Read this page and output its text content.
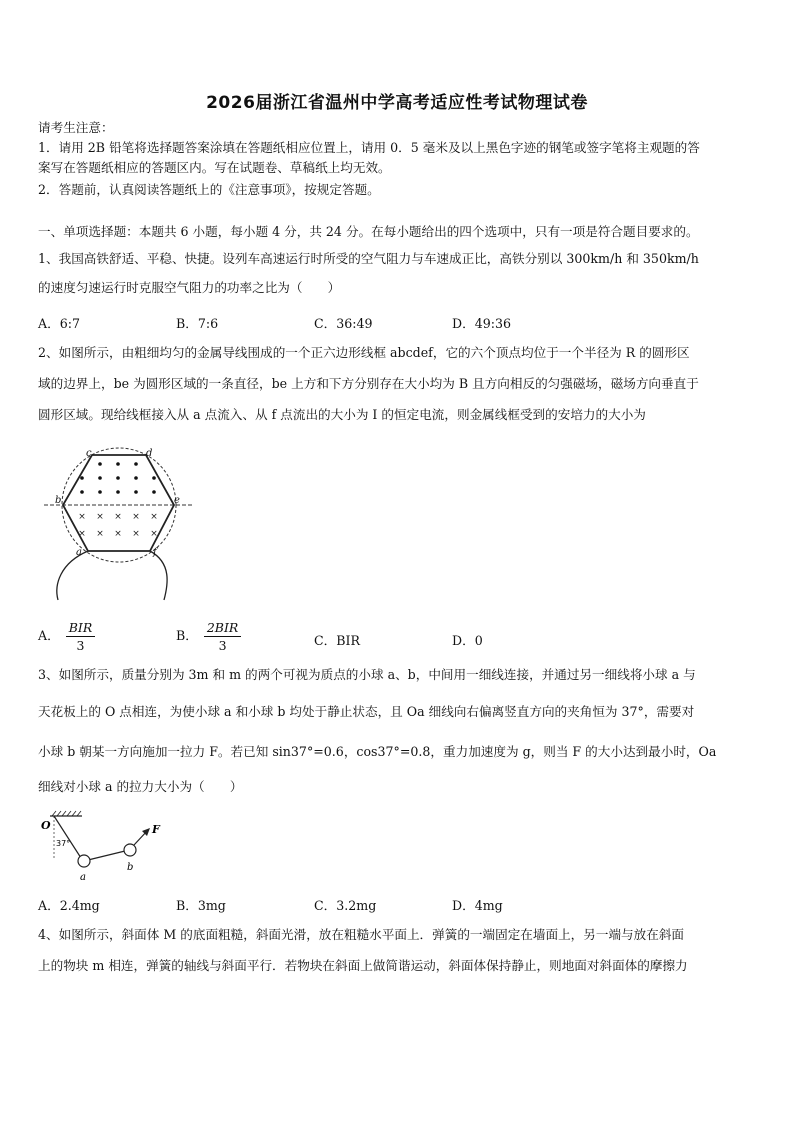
2026届浙江省温州中学高考适应性考试物理试卷
请考生注意：
1．请用 2B 铅笔将选择题答案涂填在答题纸相应位置上，请用 0．5 毫米及以上黑色字迹的钢笔或签字笔将主观题的答
案写在答题纸相应的答题区内。写在试题卷、草稿纸上均无效。
2．答题前，认真阅读答题纸上的《注意事项》，按规定答题。
一、单项选择题：本题共 6 小题，每小题 4 分，共 24 分。在每小题给出的四个选项中，只有一项是符合题目要求的。
1、我国高铁舒适、平稳、快捷。设列车高速运行时所受的空气阻力与车速成正比，高铁分别以 300km/h 和 350km/h
的速度匀速运行时克服空气阻力的功率之比为（　　）
A．6:7	B．7:6	C．36:49	D．49:36
2、如图所示，由粗细均匀的金属导线围成的一个正六边形线框 abcdef，它的六个顶点均位于一个半径为 R 的圆形区
域的边界上，be 为圆形区域的一条直径，be 上方和下方分别存在大小均为 B 且方向相反的匀强磁场，磁场方向垂直于
圆形区域。现给线框接入从 a 点流入、从 f 点流出的大小为 I 的恒定电流，则金属线框受到的安培力的大小为
× × × × ×
× × × × ×
c	d
b	e
a	f
A． $\frac{\text{BIR}}{3}$	B． $\frac{\text{2BIR}}{3}$	C．BIR	D．0
3、如图所示，质量分别为 3m 和 m 的两个可视为质点的小球 a、b，中间用一细线连接，并通过另一细线将小球 a 与
天花板上的 O 点相连，为使小球 a 和小球 b 均处于静止状态，且 Oa 细线向右偏离竖直方向的夹角恒为 37°，需要对
小球 b 朝某一方向施加一拉力 F。若已知 sin37°=0.6，cos37°=0.8，重力加速度为 g，则当 F 的大小达到最小时，Oa
细线对小球 a 的拉力大小为（　　）
O
37°
a
b
F
A．2.4mg	B．3mg	C．3.2mg	D．4mg
4、如图所示，斜面体 M 的底面粗糙，斜面光滑，放在粗糙水平面上．弹簧的一端固定在墙面上，另一端与放在斜面
上的物块 m 相连，弹簧的轴线与斜面平行．若物块在斜面上做简谐运动，斜面体保持静止，则地面对斜面体的摩擦力
